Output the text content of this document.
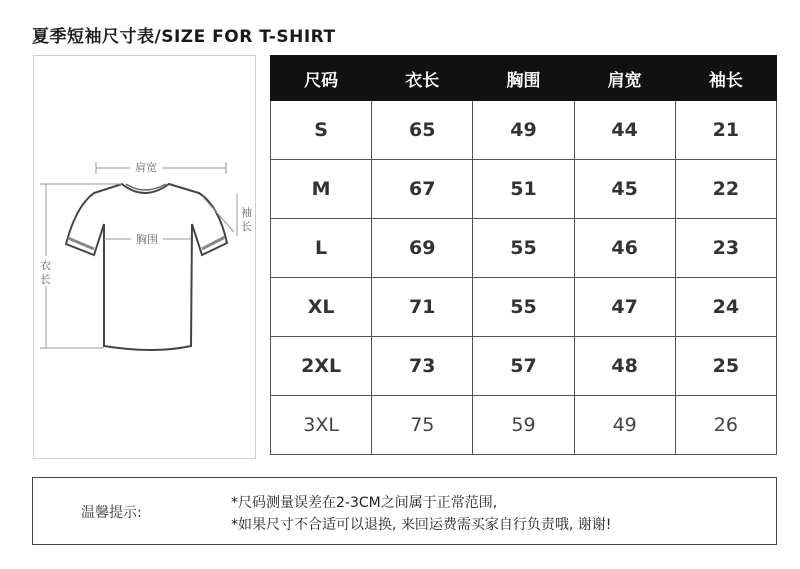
夏季短袖尺寸表/SIZE FOR T-SHIRT
肩宽
袖
长
胸围
衣
长
尺码	衣长	胸围	肩宽	袖长
S	65	49	44	21
M	67	51	45	22
L	69	55	46	23
XL	71	55	47	24
2XL	73	57	48	25
3XL	75	59	49	26
温馨提示:
*尺码测量误差在2-3CM之间属于正常范围,
*如果尺寸不合适可以退换, 来回运费需买家自行负责哦, 谢谢!
